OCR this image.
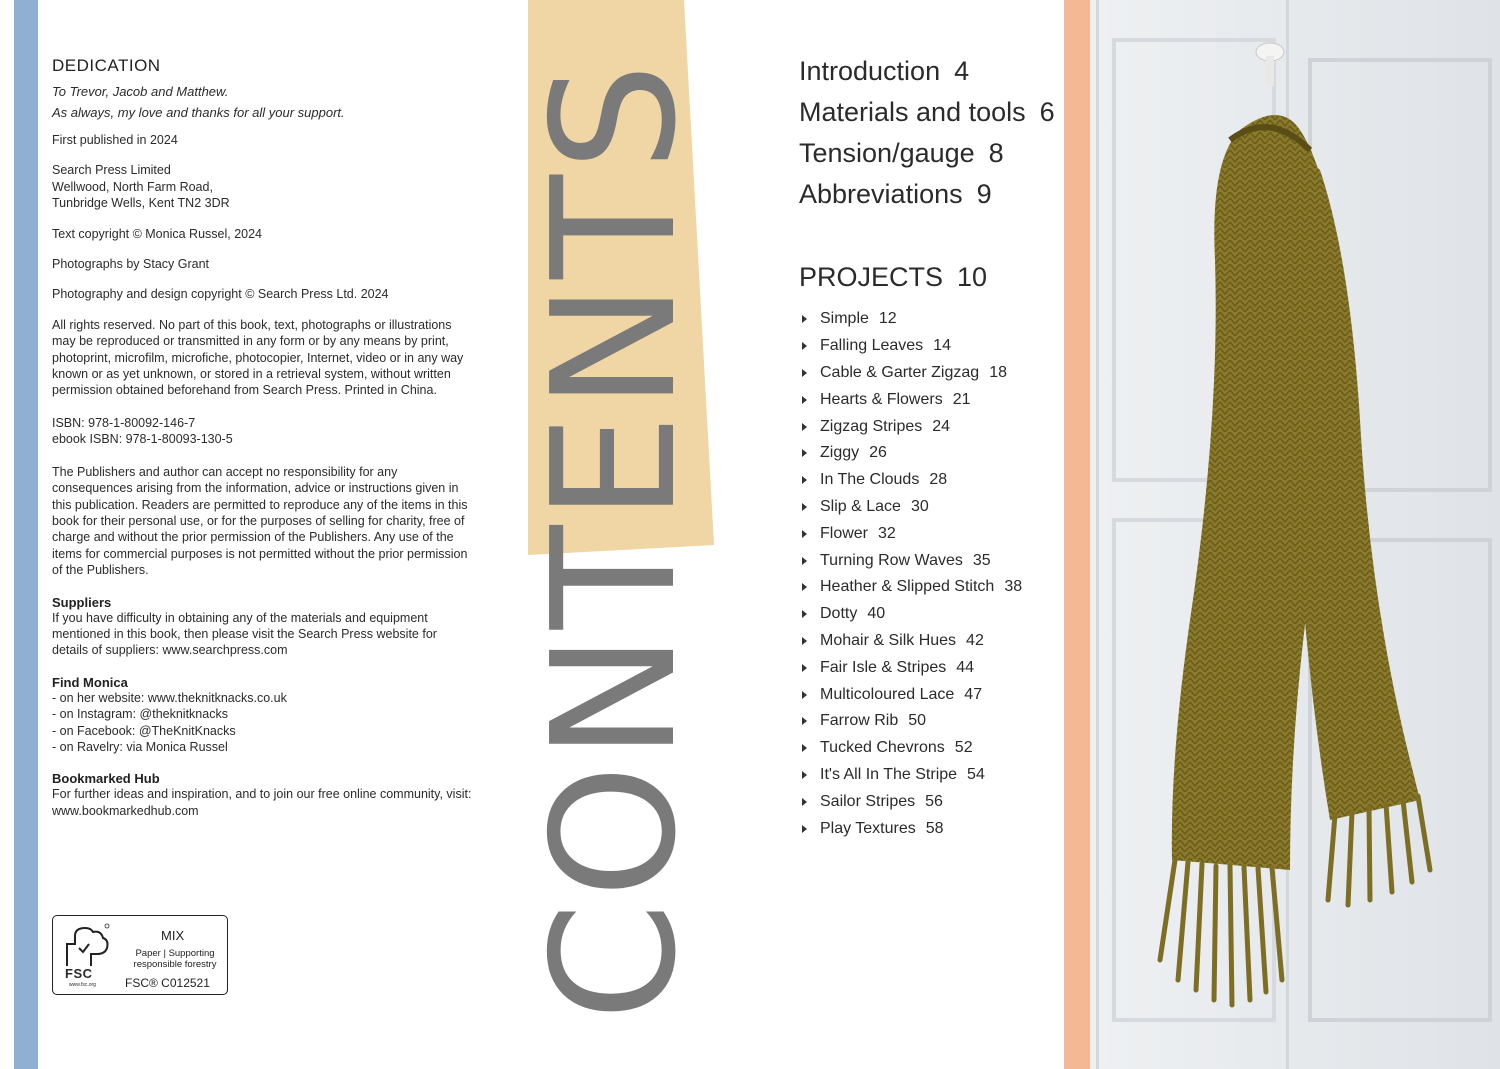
DEDICATION

To Trevor, Jacob and Matthew.

As always, my love and thanks for all your support.

First published in 2024

Search Press Limited
Wellwood, North Farm Road,
Tunbridge Wells, Kent TN2 3DR

Text copyright © Monica Russel, 2024

Photographs by Stacy Grant

Photography and design copyright © Search Press Ltd. 2024

All rights reserved. No part of this book, text, photographs or illustrations may be reproduced or transmitted in any form or by any means by print, photoprint, microfilm, microfiche, photocopier, Internet, video or in any way known or as yet unknown, or stored in a retrieval system, without written permission obtained beforehand from Search Press. Printed in China.

ISBN: 978-1-80092-146-7
ebook ISBN: 978-1-80093-130-5

The Publishers and author can accept no responsibility for any consequences arising from the information, advice or instructions given in this publication. Readers are permitted to reproduce any of the items in this book for their personal use, or for the purposes of selling for charity, free of charge and without the prior permission of the Publishers. Any use of the items for commercial purposes is not permitted without the prior permission of the Publishers.

Suppliers

If you have difficulty in obtaining any of the materials and equipment mentioned in this book, then please visit the Search Press website for details of suppliers: www.searchpress.com

Find Monica

- on her website: www.theknitknacks.co.uk
- on Instagram: @theknitknacks
- on Facebook: @TheKnitKnacks
- on Ravelry: via Monica Russel

Bookmarked Hub

For further ideas and inspiration, and to join our free online community, visit: www.bookmarkedhub.com

FSC
www.fsc.org
MIX
Paper | Supporting
responsible forestry
FSC® C012521 CONTENTS	Introduction 4
Materials and tools 6
Tension/gauge 8
Abbreviations 9
PROJECTS 10
Simple 12
Falling Leaves 14
Cable & Garter Zigzag 18
Hearts & Flowers 21
Zigzag Stripes 24
Ziggy 26
In The Clouds 28
Slip & Lace 30
Flower 32
Turning Row Waves 35
Heather & Slipped Stitch 38
Dotty 40
Mohair & Silk Hues 42
Fair Isle & Stripes 44
Multicoloured Lace 47
Farrow Rib 50
Tucked Chevrons 52
It's All In The Stripe 54
Sailor Stripes 56
Play Textures 58
